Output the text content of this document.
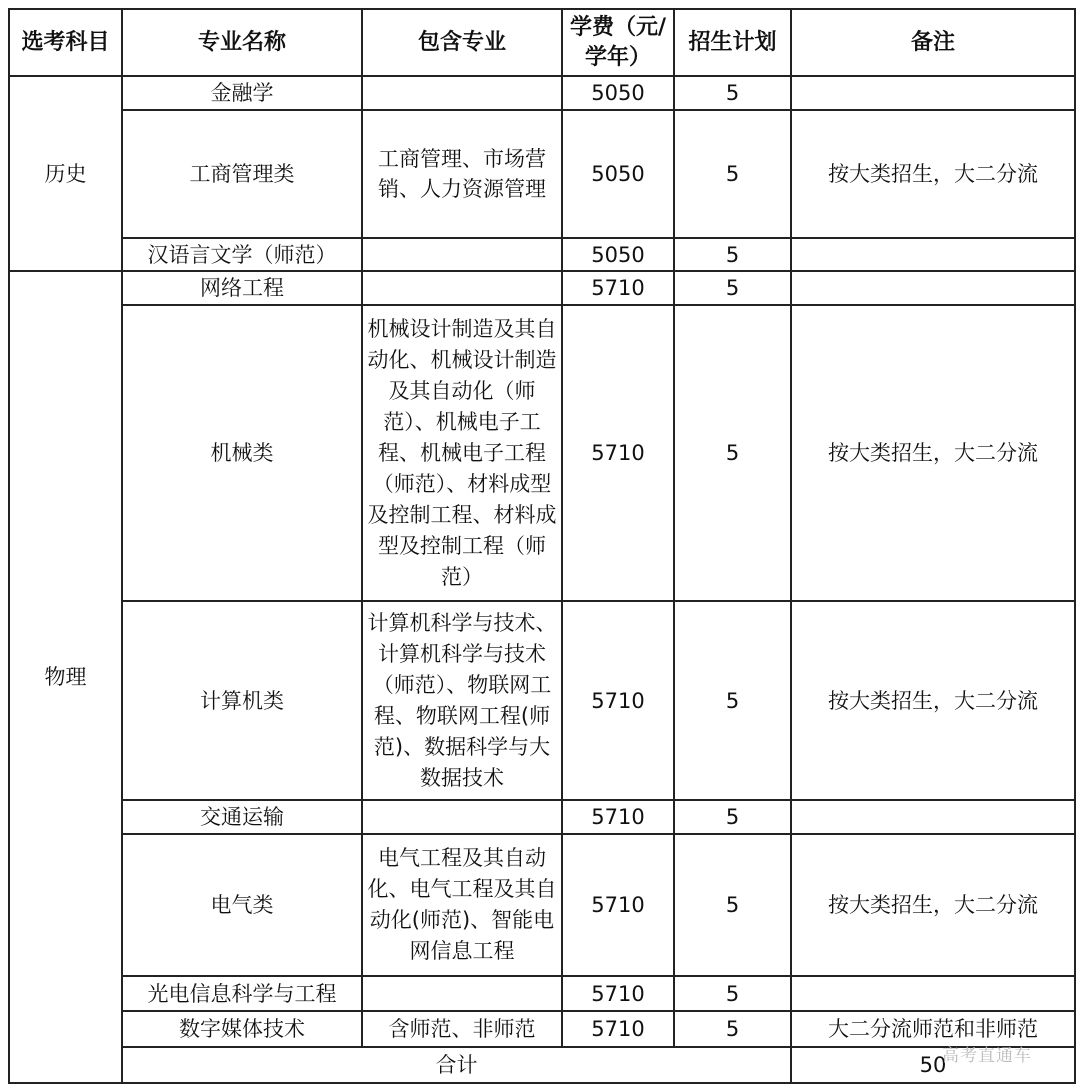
选考科目	专业名称	包含专业	学费（元/学年）	招生计划	备注	
历史	金融学		5050	5		
	工商管理类	工商管理、市场营销、人力资源管理	5050	5	按大类招生，大二分流	
	汉语言文学（师范）		5050	5		
物理	网络工程		5710	5		
	机械类	机械设计制造及其自动化、机械设计制造及其自动化（师范）、机械电子工程、机械电子工程（师范）、材料成型及控制工程、材料成型及控制工程（师范）	5710	5	按大类招生，大二分流	
	计算机类	计算机科学与技术、计算机科学与技术（师范）、物联网工程、物联网工程(师范)、数据科学与大数据技术	5710	5	按大类招生，大二分流	
	交通运输		5710	5		
	电气类	电气工程及其自动化、电气工程及其自动化(师范)、智能电网信息工程	5710	5	按大类招生，大二分流	
	光电信息科学与工程		5710	5		
	数字媒体技术	含师范、非师范	5710	5	大二分流师范和非师范	
	合计				50	
高考直通车
